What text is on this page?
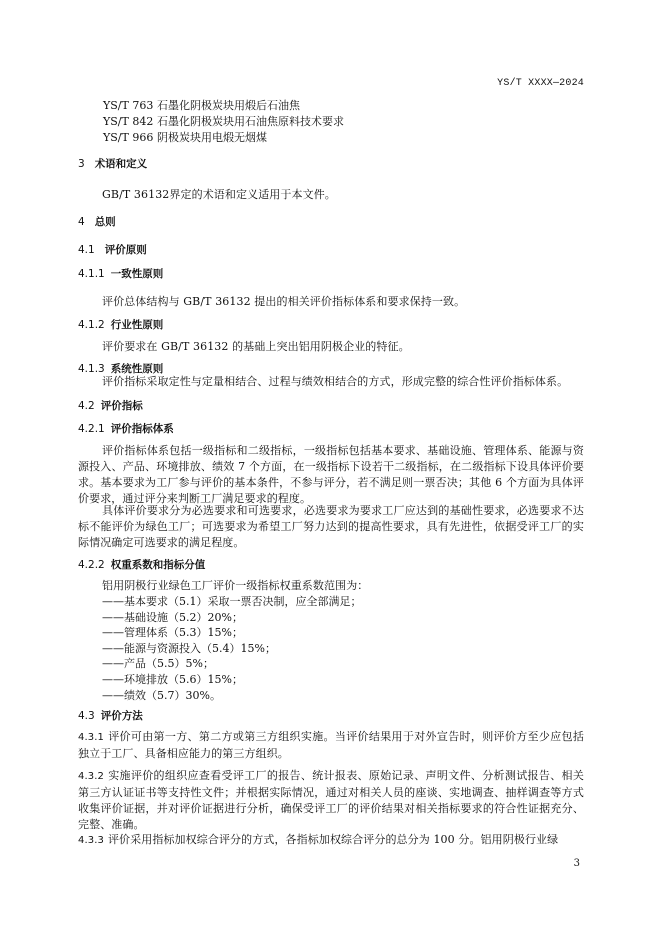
YS/T XXXX—2024
YS/T 763 石墨化阴极炭块用煅后石油焦
YS/T 842 石墨化阴极炭块用石油焦原料技术要求
YS/T 966 阴极炭块用电煅无烟煤
3 术语和定义
GB/T 36132界定的术语和定义适用于本文件。
4 总则
4.1 评价原则
4.1.1 一致性原则
评价总体结构与 GB/T 36132 提出的相关评价指标体系和要求保持一致。
4.1.2 行业性原则
评价要求在 GB/T 36132 的基础上突出铝用阴极企业的特征。
4.1.3 系统性原则
评价指标采取定性与定量相结合、过程与绩效相结合的方式，形成完整的综合性评价指标体系。
4.2 评价指标
4.2.1 评价指标体系
评价指标体系包括一级指标和二级指标，一级指标包括基本要求、基础设施、管理体系、能源与资源投入、产品、环境排放、绩效 7 个方面，在一级指标下设若干二级指标，在二级指标下设具体评价要求。基本要求为工厂参与评价的基本条件，不参与评分，若不满足则一票否决；其他 6 个方面为具体评价要求，通过评分来判断工厂满足要求的程度。
具体评价要求分为必选要求和可选要求，必选要求为要求工厂应达到的基础性要求，必选要求不达标不能评价为绿色工厂；可选要求为希望工厂努力达到的提高性要求，具有先进性，依据受评工厂的实际情况确定可选要求的满足程度。
4.2.2 权重系数和指标分值
铝用阴极行业绿色工厂评价一级指标权重系数范围为：
——基本要求（5.1）采取一票否决制，应全部满足；
——基础设施（5.2）20%；
——管理体系（5.3）15%；
——能源与资源投入（5.4）15%；
——产品（5.5）5%；
——环境排放（5.6）15%；
——绩效（5.7）30%。
4.3 评价方法
4.3.1 评价可由第一方、第二方或第三方组织实施。当评价结果用于对外宣告时，则评价方至少应包括独立于工厂、具备相应能力的第三方组织。
4.3.2 实施评价的组织应查看受评工厂的报告、统计报表、原始记录、声明文件、分析测试报告、相关第三方认证证书等支持性文件；并根据实际情况，通过对相关人员的座谈、实地调查、抽样调查等方式收集评价证据，并对评价证据进行分析，确保受评工厂的评价结果对相关指标要求的符合性证据充分、完整、准确。
4.3.3 评价采用指标加权综合评分的方式，各指标加权综合评分的总分为 100 分。铝用阴极行业绿
3
